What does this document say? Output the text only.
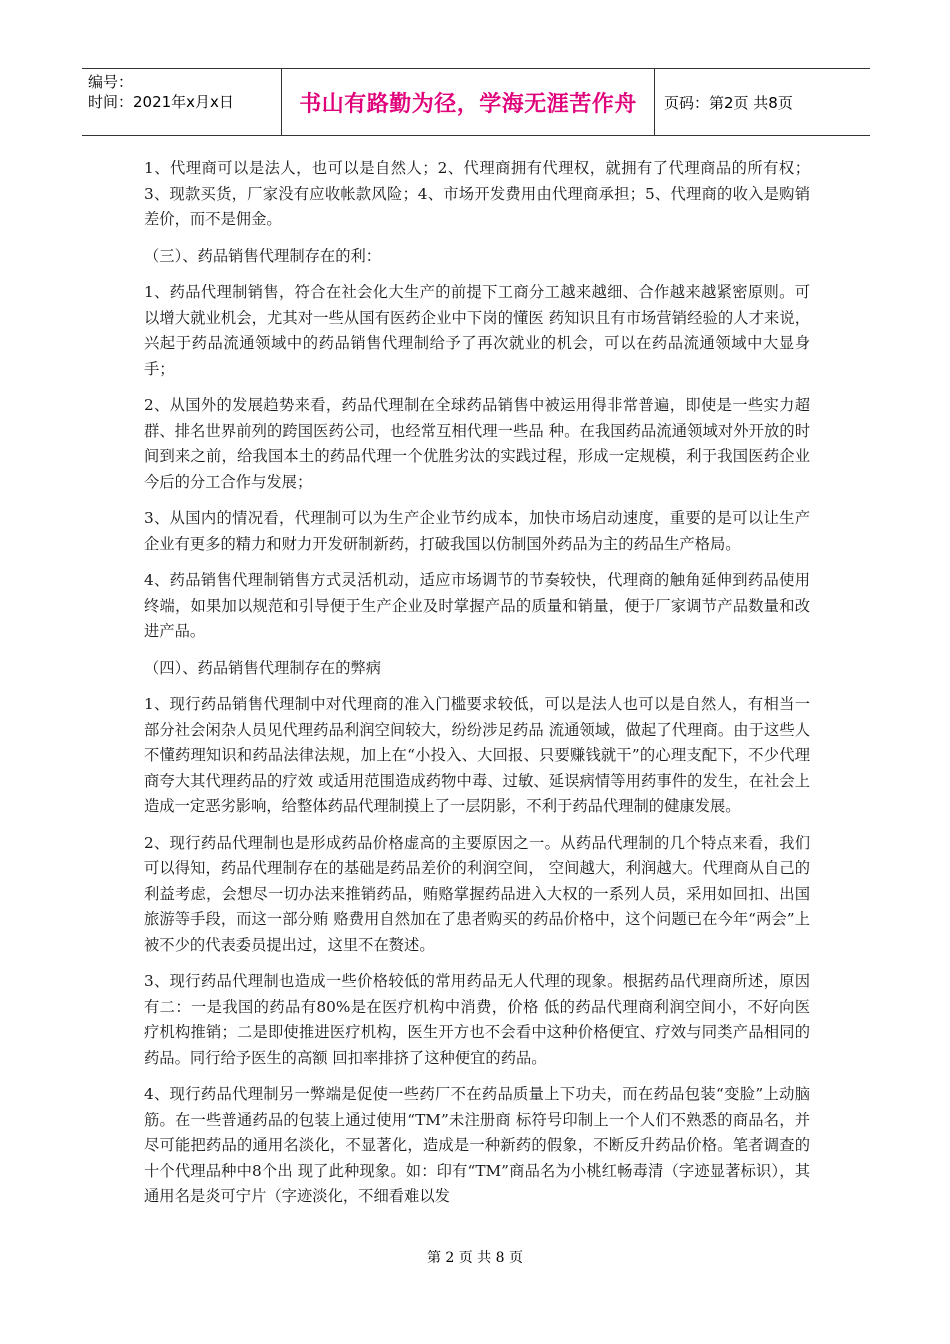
编号：
时间：2021年x月x日	书山有路勤为径，学海无涯苦作舟	页码：第2页 共8页

1、代理商可以是法人，也可以是自然人；2、代理商拥有代理权，就拥有了代理商品的所有权；3、现款买货，厂家没有应收帐款风险；4、市场开发费用由代理商承担；5、代理商的收入是购销差价，而不是佣金。

（三）、药品销售代理制存在的利：

1、药品代理制销售，符合在社会化大生产的前提下工商分工越来越细、合作越来越紧密原则。可以增大就业机会，尤其对一些从国有医药企业中下岗的懂医 药知识且有市场营销经验的人才来说，兴起于药品流通领域中的药品销售代理制给予了再次就业的机会，可以在药品流通领域中大显身手；

2、从国外的发展趋势来看，药品代理制在全球药品销售中被运用得非常普遍，即使是一些实力超群、排名世界前列的跨国医药公司，也经常互相代理一些品 种。在我国药品流通领域对外开放的时间到来之前，给我国本土的药品代理一个优胜劣汰的实践过程，形成一定规模，利于我国医药企业今后的分工合作与发展；

3、从国内的情况看，代理制可以为生产企业节约成本，加快市场启动速度，重要的是可以让生产企业有更多的精力和财力开发研制新药，打破我国以仿制国外药品为主的药品生产格局。

4、药品销售代理制销售方式灵活机动，适应市场调节的节奏较快，代理商的触角延伸到药品使用终端，如果加以规范和引导便于生产企业及时掌握产品的质量和销量，便于厂家调节产品数量和改进产品。

（四）、药品销售代理制存在的弊病

1、现行药品销售代理制中对代理商的准入门槛要求较低，可以是法人也可以是自然人，有相当一部分社会闲杂人员见代理药品利润空间较大，纷纷涉足药品 流通领域，做起了代理商。由于这些人不懂药理知识和药品法律法规，加上在“小投入、大回报、只要赚钱就干”的心理支配下，不少代理商夸大其代理药品的疗效 或适用范围造成药物中毒、过敏、延误病情等用药事件的发生，在社会上造成一定恶劣影响，给整体药品代理制摸上了一层阴影，不利于药品代理制的健康发展。

2、现行药品代理制也是形成药品价格虚高的主要原因之一。从药品代理制的几个特点来看，我们可以得知，药品代理制存在的基础是药品差价的利润空间， 空间越大，利润越大。代理商从自己的利益考虑，会想尽一切办法来推销药品，贿赂掌握药品进入大权的一系列人员，采用如回扣、出国旅游等手段，而这一部分贿 赂费用自然加在了患者购买的药品价格中，这个问题已在今年“两会”上被不少的代表委员提出过，这里不在赘述。

3、现行药品代理制也造成一些价格较低的常用药品无人代理的现象。根据药品代理商所述，原因有二：一是我国的药品有80%是在医疗机构中消费，价格 低的药品代理商利润空间小，不好向医疗机构推销；二是即使推进医疗机构，医生开方也不会看中这种价格便宜、疗效与同类产品相同的药品。同行给予医生的高额 回扣率排挤了这种便宜的药品。

4、现行药品代理制另一弊端是促使一些药厂不在药品质量上下功夫，而在药品包装“变脸”上动脑筋。在一些普通药品的包装上通过使用“TM”未注册商 标符号印制上一个人们不熟悉的商品名，并尽可能把药品的通用名淡化，不显著化，造成是一种新药的假象，不断反升药品价格。笔者调查的十个代理品种中8个出 现了此种现象。如：印有“TM”商品名为小桃红畅毒清（字迹显著标识），其通用名是炎可宁片（字迹淡化，不细看难以发

第 2 页 共 8 页
